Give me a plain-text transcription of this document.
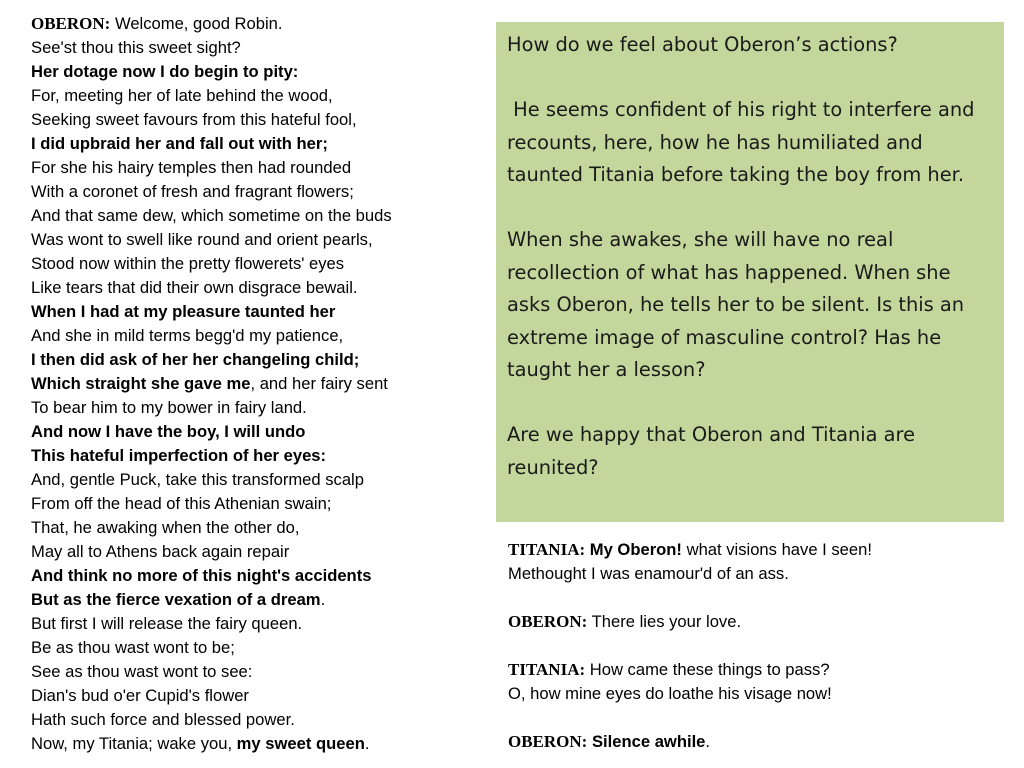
OBERON: Welcome, good Robin.
See'st thou this sweet sight?
Her dotage now I do begin to pity:
For, meeting her of late behind the wood,
Seeking sweet favours from this hateful fool,
I did upbraid her and fall out with her;
For she his hairy temples then had rounded
With a coronet of fresh and fragrant flowers;
And that same dew, which sometime on the buds
Was wont to swell like round and orient pearls,
Stood now within the pretty flowerets' eyes
Like tears that did their own disgrace bewail.
When I had at my pleasure taunted her
And she in mild terms begg'd my patience,
I then did ask of her her changeling child;
Which straight she gave me, and her fairy sent
To bear him to my bower in fairy land.
And now I have the boy, I will undo
This hateful imperfection of her eyes:
And, gentle Puck, take this transformed scalp
From off the head of this Athenian swain;
That, he awaking when the other do,
May all to Athens back again repair
And think no more of this night's accidents
But as the fierce vexation of a dream.
But first I will release the fairy queen.
Be as thou wast wont to be;
See as thou wast wont to see:
Dian's bud o'er Cupid's flower
Hath such force and blessed power.
Now, my Titania; wake you, my sweet queen.

How do we feel about Oberon’s actions?

He seems confident of his right to interfere and recounts, here, how he has humiliated and taunted Titania before taking the boy from her.

When she awakes, she will have no real recollection of what has happened. When she asks Oberon, he tells her to be silent. Is this an extreme image of masculine control? Has he taught her a lesson?

Are we happy that Oberon and Titania are reunited?

TITANIA: My Oberon! what visions have I seen!
Methought I was enamour'd of an ass.
OBERON: There lies your love.
TITANIA: How came these things to pass?
O, how mine eyes do loathe his visage now!
OBERON: Silence awhile.
